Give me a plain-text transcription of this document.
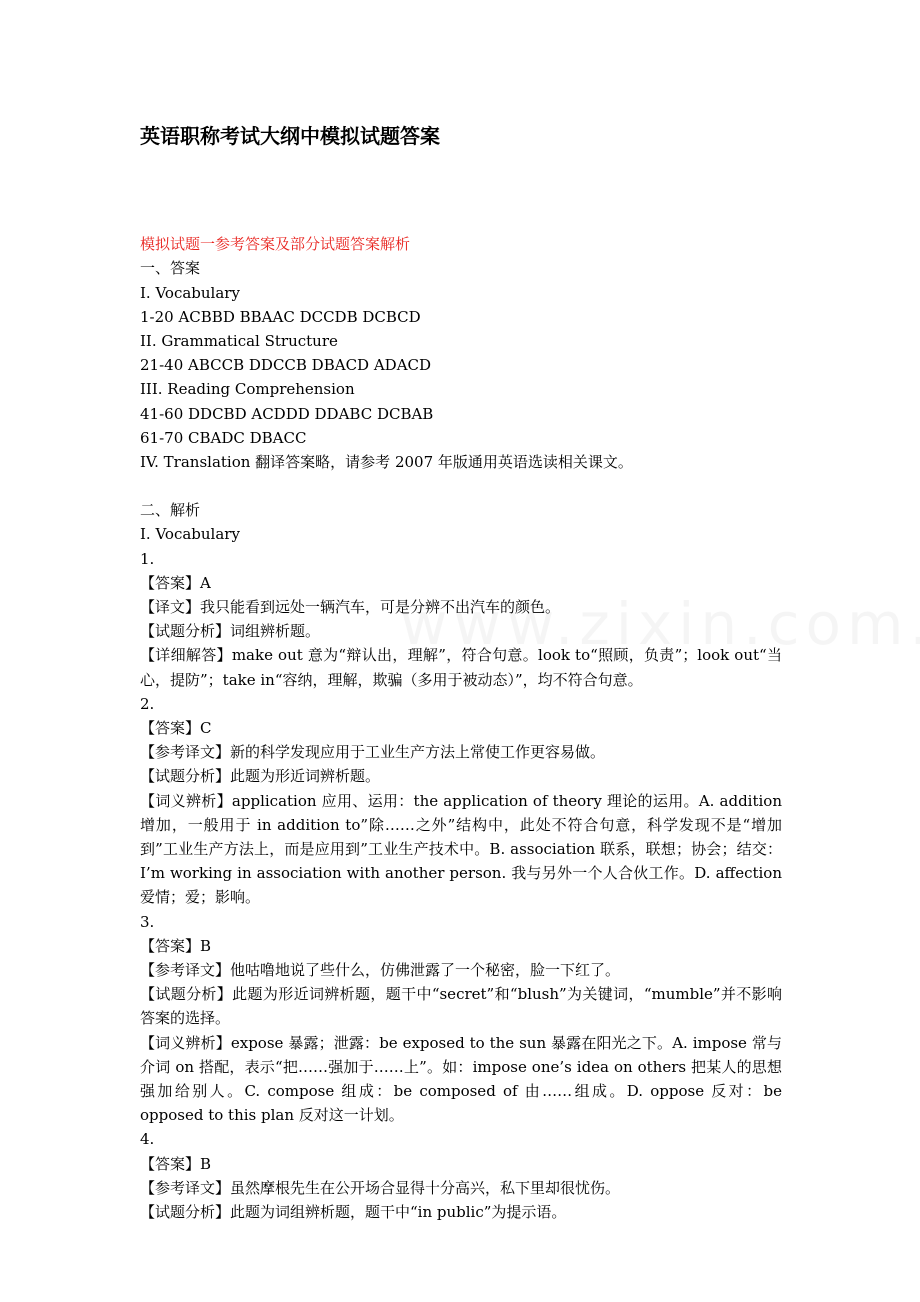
英语职称考试大纲中模拟试题答案
模拟试题一参考答案及部分试题答案解析
一、答案
I. Vocabulary
1-20 ACBBD BBAAC DCCDB DCBCD
II. Grammatical Structure
21-40 ABCCB DDCCB DBACD ADACD
III. Reading Comprehension
41-60 DDCBD ACDDD DDABC DCBAB
61-70 CBADC DBACC
IV. Translation 翻译答案略，请参考 2007 年版通用英语选读相关课文。
二、解析
I. Vocabulary
1.
【答案】A
【译文】我只能看到远处一辆汽车，可是分辨不出汽车的颜色。
【试题分析】词组辨析题。
【详细解答】make out 意为“辩认出，理解”，符合句意。look to“照顾，负责”；look out“当心，提防”；take in“容纳，理解，欺骗（多用于被动态）”，均不符合句意。
2.
【答案】C
【参考译文】新的科学发现应用于工业生产方法上常使工作更容易做。
【试题分析】此题为形近词辨析题。
【词义辨析】application 应用、运用：the application of theory 理论的运用。A. addition 增加，一般用于 in addition to”除……之外”结构中，此处不符合句意，科学发现不是“增加到”工业生产方法上，而是应用到”工业生产技术中。B. association 联系，联想；协会；结交：I’m working in association with another person. 我与另外一个人合伙工作。D. affection 爱情；爱；影响。
3.
【答案】B
【参考译文】他咕噜地说了些什么，仿佛泄露了一个秘密，脸一下红了。
【试题分析】此题为形近词辨析题，题干中“secret”和“blush”为关键词，“mumble”并不影响答案的选择。
【词义辨析】expose 暴露；泄露：be exposed to the sun 暴露在阳光之下。A. impose 常与介词 on 搭配，表示“把……强加于……上”。如：impose one’s idea on others 把某人的思想强加给别人。C. compose 组成：be composed of 由……组成。D. oppose 反对：be opposed to this plan 反对这一计划。
4.
【答案】B
【参考译文】虽然摩根先生在公开场合显得十分高兴，私下里却很忧伤。
【试题分析】此题为词组辨析题，题干中“in public”为提示语。
